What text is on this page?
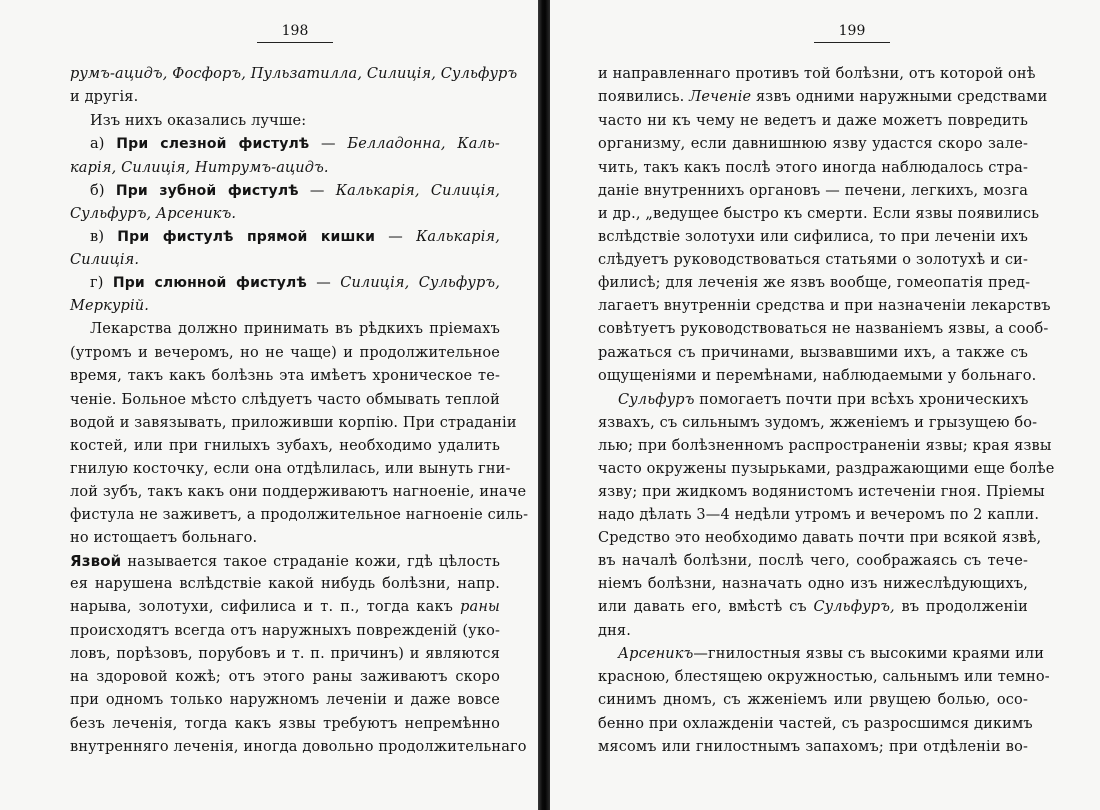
198
румъ-ацидъ, Фосфоръ, Пульзатилла, Силиція, Сульфуръ
и другія.
Изъ нихъ оказались лучше:
а) При слезной фистулѣ — Белладонна, Каль-
карія, Силиція, Нитрумъ-ацидъ.
б) При зубной фистулѣ — Калькарія, Силиція,
Сульфуръ, Арсеникъ.
в) При фистулѣ прямой кишки — Калькарія,
Силиція.
г) При слюнной фистулѣ — Силиція, Сульфуръ,
Меркурій.
Лекарства должно принимать въ рѣдкихъ пріемахъ
(утромъ и вечеромъ, но не чаще) и продолжительное
время, такъ какъ болѣзнь эта имѣетъ хроническое те-
ченіе. Больное мѣсто слѣдуетъ часто обмывать теплой
водой и завязывать, приложивши корпію. При страданіи
костей, или при гнилыхъ зубахъ, необходимо удалить
гнилую косточку, если она отдѣлилась, или вынуть гни-
лой зубъ, такъ какъ они поддерживаютъ нагноеніе, иначе
фистула не заживетъ, а продолжительное нагноеніе силь-
но истощаетъ больнаго.
Язвой называется такое страданіе кожи, гдѣ цѣлость
ея нарушена вслѣдствіе какой нибудь болѣзни, напр.
нарыва, золотухи, сифилиса и т. п., тогда какъ раны
происходятъ всегда отъ наружныхъ поврежденій (уко-
ловъ, порѣзовъ, порубовъ и т. п. причинъ) и являются
на здоровой кожѣ; отъ этого раны заживаютъ скоро
при одномъ только наружномъ леченіи и даже вовсе
безъ леченія, тогда какъ язвы требуютъ непремѣнно
внутренняго леченія, иногда довольно продолжительнаго
199
и направленнаго противъ той болѣзни, отъ которой онѣ
появились. Леченіе язвъ одними наружными средствами
часто ни къ чему не ведетъ и даже можетъ повредить
организму, если давнишнюю язву удастся скоро зале-
чить, такъ какъ послѣ этого иногда наблюдалось стра-
даніе внутреннихъ органовъ — печени, легкихъ, мозга
и др., „ведущее быстро къ смерти. Если язвы появились
вслѣдствіе золотухи или сифилиса, то при леченіи ихъ
слѣдуетъ руководствоваться статьями о золотухѣ и си-
филисѣ; для леченія же язвъ вообще, гомеопатія пред-
лагаетъ внутренніи средства и при назначеніи лекарствъ
совѣтуетъ руководствоваться не названіемъ язвы, а сооб-
ражаться съ причинами, вызвавшими ихъ, а также съ
ощущеніями и перемѣнами, наблюдаемыми у больнаго.
Сульфуръ помогаетъ почти при всѣхъ хроническихъ
язвахъ, съ сильнымъ зудомъ, жженіемъ и грызущею бо-
лью; при болѣзненномъ распространеніи язвы; края язвы
часто окружены пузырьками, раздражающими еще болѣе
язву; при жидкомъ водянистомъ истеченіи гноя. Пріемы
надо дѣлать 3—4 недѣли утромъ и вечеромъ по 2 капли.
Средство это необходимо давать почти при всякой язвѣ,
въ началѣ болѣзни, послѣ чего, соображаясь съ тече-
ніемъ болѣзни, назначать одно изъ нижеслѣдующихъ,
или давать его, вмѣстѣ съ Сульфуръ, въ продолженіи
дня.
Арсеникъ—гнилостныя язвы съ высокими краями или
красною, блестящею окружностью, сальнымъ или темно-
синимъ дномъ, съ жженіемъ или рвущею болью, осо-
бенно при охлажденіи частей, съ разросшимся дикимъ
мясомъ или гнилостнымъ запахомъ; при отдѣленіи во-
